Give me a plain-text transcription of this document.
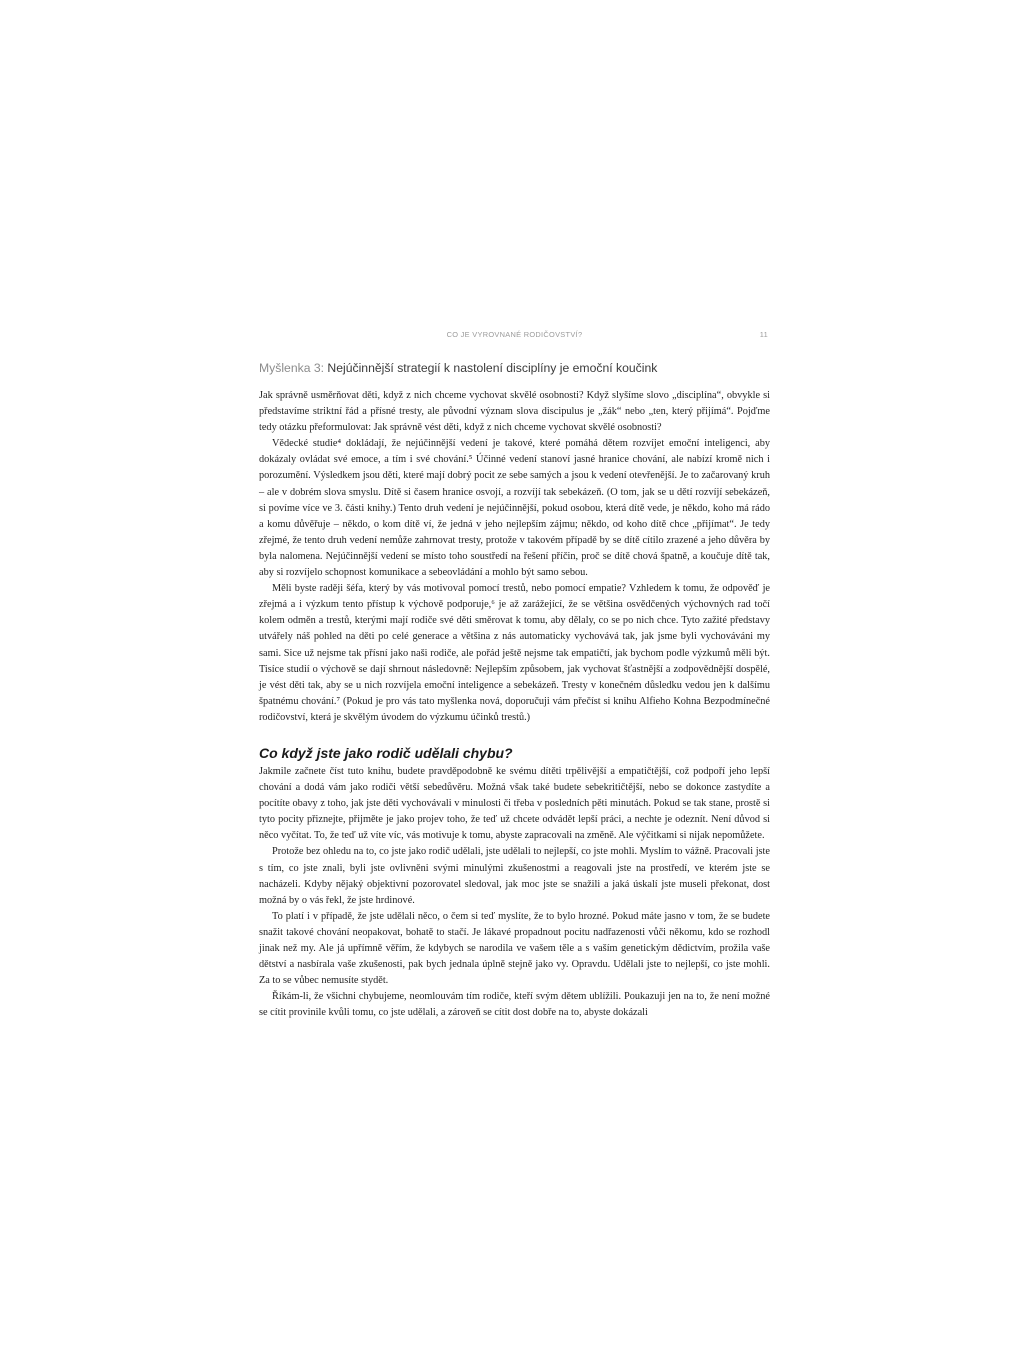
CO JE VYROVNANÉ RODIČOVSTVÍ?	11
Myšlenka 3: Nejúčinnější strategií k nastolení disciplíny je emoční koučink

Jak správně usměrňovat děti, když z nich chceme vychovat skvělé osobnosti? Když slyšíme slovo „disciplína“, obvykle si představíme striktní řád a přísné tresty, ale původní význam slova discipulus je „žák“ nebo „ten, který přijímá“. Pojďme tedy otázku přeformulovat: Jak správně vést děti, když z nich chceme vychovat skvělé osobnosti?

Vědecké studie⁴ dokládají, že nejúčinnější vedení je takové, které pomáhá dětem rozvíjet emoční inteligenci, aby dokázaly ovládat své emoce, a tím i své chování.⁵ Účinné vedení stanoví jasné hranice chování, ale nabízí kromě nich i porozumění. Výsledkem jsou děti, které mají dobrý pocit ze sebe samých a jsou k vedení otevřenější. Je to začarovaný kruh – ale v dobrém slova smyslu. Dítě si časem hranice osvojí, a rozvíjí tak sebekázeň. (O tom, jak se u dětí rozvíjí sebekázeň, si povíme více ve 3. části knihy.) Tento druh vedení je nejúčinnější, pokud osobou, která dítě vede, je někdo, koho má rádo a komu důvěřuje – někdo, o kom dítě ví, že jedná v jeho nejlepším zájmu; někdo, od koho dítě chce „přijímat“. Je tedy zřejmé, že tento druh vedení nemůže zahrnovat tresty, protože v takovém případě by se dítě cítilo zrazené a jeho důvěra by byla nalomena. Nejúčinnější vedení se místo toho soustředí na řešení příčin, proč se dítě chová špatně, a koučuje dítě tak, aby si rozvíjelo schopnost komunikace a sebeovládání a mohlo být samo sebou.

Měli byste raději šéfa, který by vás motivoval pomocí trestů, nebo pomocí empatie? Vzhledem k tomu, že odpověď je zřejmá a i výzkum tento přístup k výchově podporuje,⁶ je až zarážející, že se většina osvědčených výchovných rad točí kolem odměn a trestů, kterými mají rodiče své děti směrovat k tomu, aby dělaly, co se po nich chce. Tyto zažité představy utvářely náš pohled na děti po celé generace a většina z nás automaticky vychovává tak, jak jsme byli vychováváni my sami. Sice už nejsme tak přísní jako naši rodiče, ale pořád ještě nejsme tak empatičtí, jak bychom podle výzkumů měli být. Tisíce studií o výchově se dají shrnout následovně: Nejlepším způsobem, jak vychovat šťastnější a zodpovědnější dospělé, je vést děti tak, aby se u nich rozvíjela emoční inteligence a sebekázeň. Tresty v konečném důsledku vedou jen k dalšímu špatnému chování.⁷ (Pokud je pro vás tato myšlenka nová, doporučuji vám přečíst si knihu Alfieho Kohna Bezpodmínečné rodičovství, která je skvělým úvodem do výzkumu účinků trestů.)

Co když jste jako rodič udělali chybu?

Jakmile začnete číst tuto knihu, budete pravděpodobně ke svému dítěti trpělivější a empatičtější, což podpoří jeho lepší chování a dodá vám jako rodiči větší sebedůvěru. Možná však také budete sebekritičtější, nebo se dokonce zastydíte a pocítíte obavy z toho, jak jste děti vychovávali v minulosti či třeba v posledních pěti minutách. Pokud se tak stane, prostě si tyto pocity přiznejte, přijměte je jako projev toho, že teď už chcete odvádět lepší práci, a nechte je odeznít. Není důvod si něco vyčítat. To, že teď už víte víc, vás motivuje k tomu, abyste zapracovali na změně. Ale výčitkami si nijak nepomůžete.

Protože bez ohledu na to, co jste jako rodič udělali, jste udělali to nejlepší, co jste mohli. Myslím to vážně. Pracovali jste s tím, co jste znali, byli jste ovlivněni svými minulými zkušenostmi a reagovali jste na prostředí, ve kterém jste se nacházeli. Kdyby nějaký objektivní pozorovatel sledoval, jak moc jste se snažili a jaká úskalí jste museli překonat, dost možná by o vás řekl, že jste hrdinové.

To platí i v případě, že jste udělali něco, o čem si teď myslíte, že to bylo hrozné. Pokud máte jasno v tom, že se budete snažit takové chování neopakovat, bohatě to stačí. Je lákavé propadnout pocitu nadřazenosti vůči někomu, kdo se rozhodl jinak než my. Ale já upřímně věřím, že kdybych se narodila ve vašem těle a s vaším genetickým dědictvím, prožila vaše dětství a nasbírala vaše zkušenosti, pak bych jednala úplně stejně jako vy. Opravdu. Udělali jste to nejlepší, co jste mohli. Za to se vůbec nemusíte stydět.

Říkám-li, že všichni chybujeme, neomlouvám tím rodiče, kteří svým dětem ublížili. Poukazuji jen na to, že není možné se cítit provinile kvůli tomu, co jste udělali, a zároveň se cítit dost dobře na to, abyste dokázali
